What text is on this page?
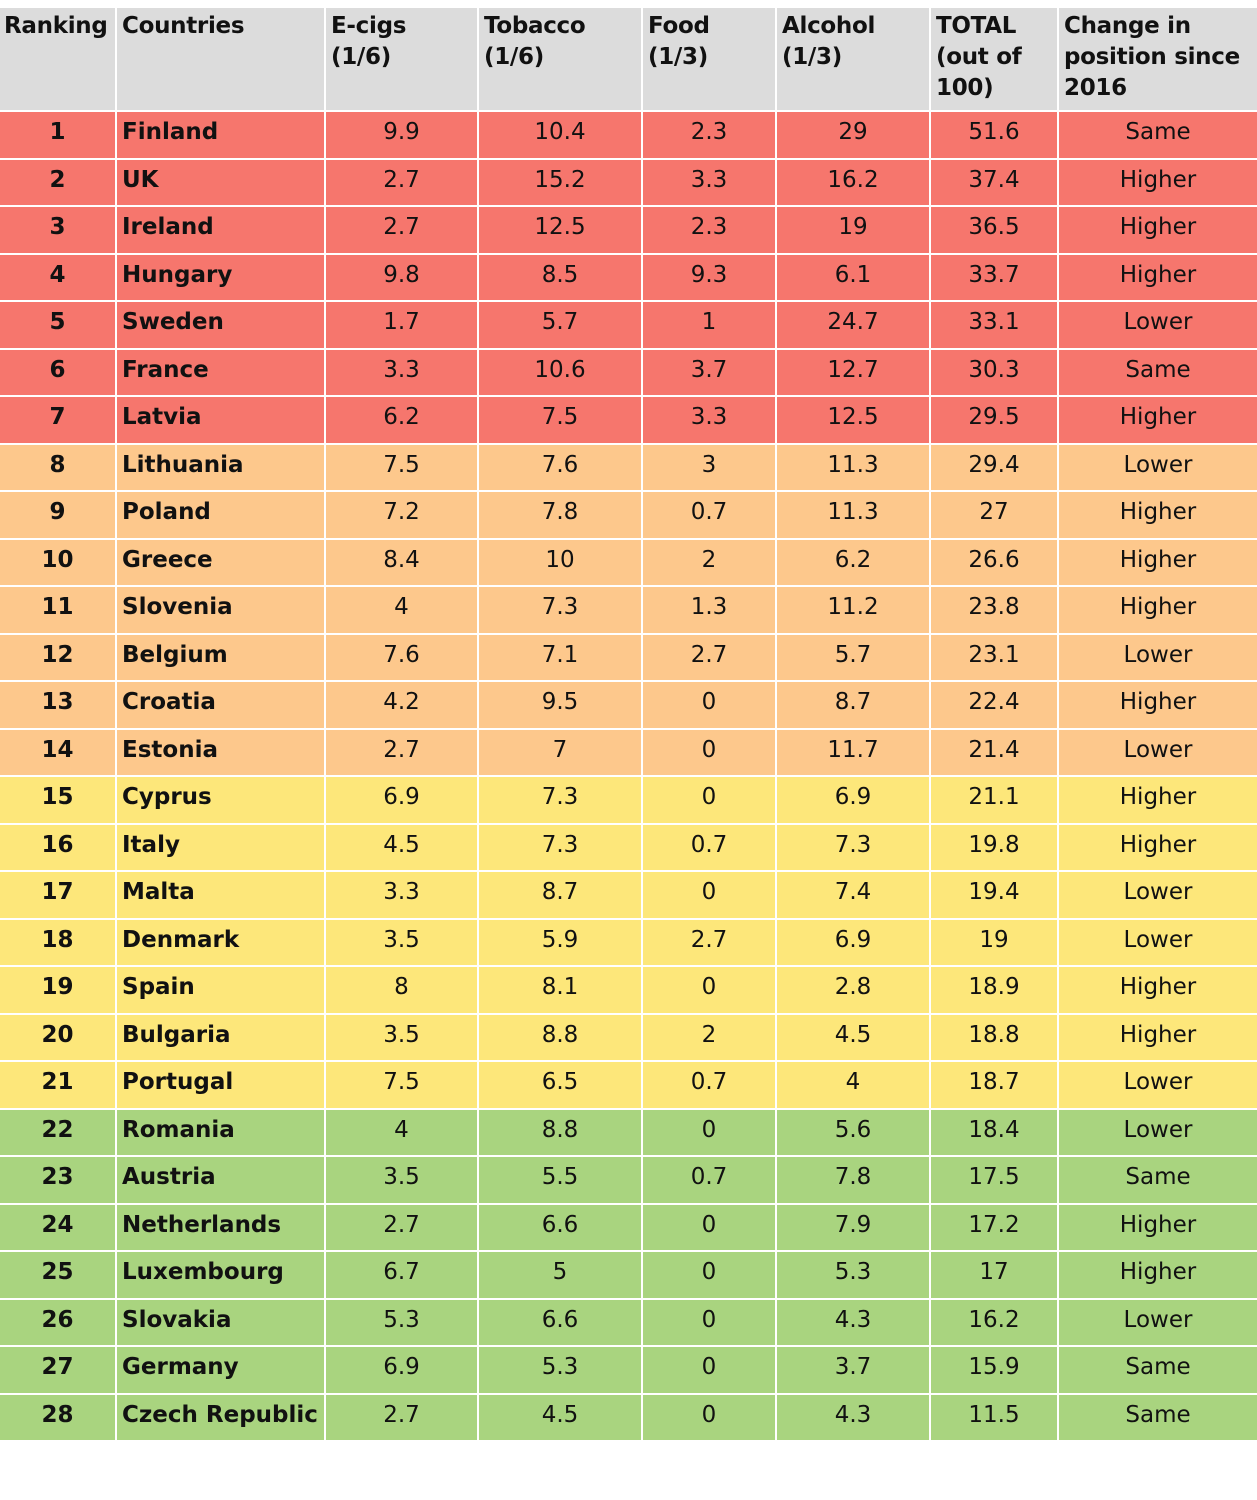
Ranking	Countries	E-cigs (1/6)	Tobacco (1/6)	Food (1/3)	Alcohol (1/3)	TOTAL (out of 100)	Change in position since 2016
1	Finland	9.9	10.4	2.3	29	51.6	Same
2	UK	2.7	15.2	3.3	16.2	37.4	Higher
3	Ireland	2.7	12.5	2.3	19	36.5	Higher
4	Hungary	9.8	8.5	9.3	6.1	33.7	Higher
5	Sweden	1.7	5.7	1	24.7	33.1	Lower
6	France	3.3	10.6	3.7	12.7	30.3	Same
7	Latvia	6.2	7.5	3.3	12.5	29.5	Higher
8	Lithuania	7.5	7.6	3	11.3	29.4	Lower
9	Poland	7.2	7.8	0.7	11.3	27	Higher
10	Greece	8.4	10	2	6.2	26.6	Higher
11	Slovenia	4	7.3	1.3	11.2	23.8	Higher
12	Belgium	7.6	7.1	2.7	5.7	23.1	Lower
13	Croatia	4.2	9.5	0	8.7	22.4	Higher
14	Estonia	2.7	7	0	11.7	21.4	Lower
15	Cyprus	6.9	7.3	0	6.9	21.1	Higher
16	Italy	4.5	7.3	0.7	7.3	19.8	Higher
17	Malta	3.3	8.7	0	7.4	19.4	Lower
18	Denmark	3.5	5.9	2.7	6.9	19	Lower
19	Spain	8	8.1	0	2.8	18.9	Higher
20	Bulgaria	3.5	8.8	2	4.5	18.8	Higher
21	Portugal	7.5	6.5	0.7	4	18.7	Lower
22	Romania	4	8.8	0	5.6	18.4	Lower
23	Austria	3.5	5.5	0.7	7.8	17.5	Same
24	Netherlands	2.7	6.6	0	7.9	17.2	Higher
25	Luxembourg	6.7	5	0	5.3	17	Higher
26	Slovakia	5.3	6.6	0	4.3	16.2	Lower
27	Germany	6.9	5.3	0	3.7	15.9	Same
28	Czech Republic	2.7	4.5	0	4.3	11.5	Same
